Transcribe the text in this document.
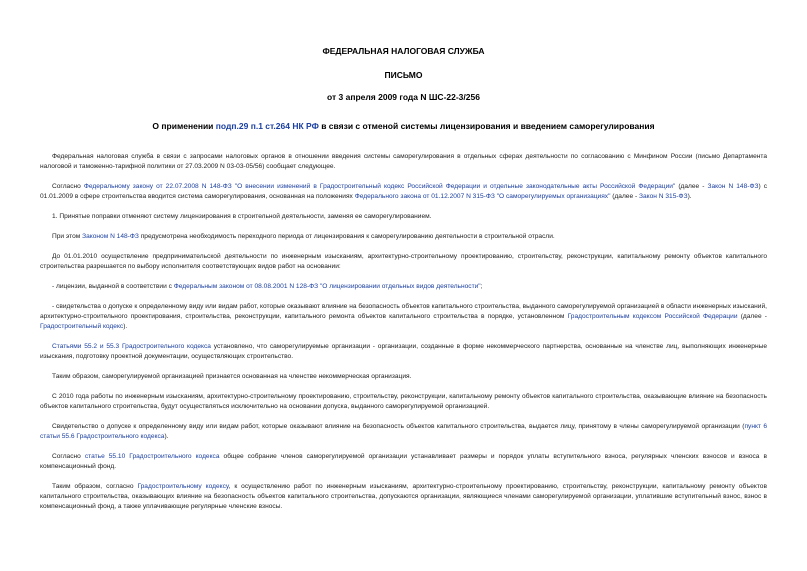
ФЕДЕРАЛЬНАЯ НАЛОГОВАЯ СЛУЖБА
ПИСЬМО
от 3 апреля 2009 года N ШС-22-3/256
О применении подп.29 п.1 ст.264 НК РФ в связи с отменой системы лицензирования и введением саморегулирования

Федеральная налоговая служба в связи с запросами налоговых органов в отношении введения системы саморегулирования в отдельных сферах деятельности по согласованию с Минфином России (письмо Департамента налоговой и таможенно-тарифной политики от 27.03.2009 N 03-03-05/56) сообщает следующее.

Согласно Федеральному закону от 22.07.2008 N 148-ФЗ "О внесении изменений в Градостроительный кодекс Российской Федерации и отдельные законодательные акты Российской Федерации" (далее - Закон N 148-ФЗ) с 01.01.2009 в сфере строительства вводится система саморегулирования, основанная на положениях Федерального закона от 01.12.2007 N 315-ФЗ "О саморегулируемых организациях" (далее - Закон N 315-ФЗ).

1. Принятые поправки отменяют систему лицензирования в строительной деятельности, заменяя ее саморегулированием.

При этом Законом N 148-ФЗ предусмотрена необходимость переходного периода от лицензирования к саморегулированию деятельности в строительной отрасли.

До 01.01.2010 осуществление предпринимательской деятельности по инженерным изысканиям, архитектурно-строительному проектированию, строительству, реконструкции, капитальному ремонту объектов капитального строительства разрешается по выбору исполнителя соответствующих видов работ на основании:

- лицензии, выданной в соответствии с Федеральным законом от 08.08.2001 N 128-ФЗ "О лицензировании отдельных видов деятельности";

- свидетельства о допуске к определенному виду или видам работ, которые оказывают влияние на безопасность объектов капитального строительства, выданного саморегулируемой организацией в области инженерных изысканий, архитектурно-строительного проектирования, строительства, реконструкции, капитального ремонта объектов капитального строительства в порядке, установленном Градостроительным кодексом Российской Федерации (далее - Градостроительный кодекс).

Статьями 55.2 и 55.3 Градостроительного кодекса установлено, что саморегулируемые организации - организации, созданные в форме некоммерческого партнерства, основанные на членстве лиц, выполняющих инженерные изыскания, подготовку проектной документации, осуществляющих строительство.

Таким образом, саморегулируемой организацией признается основанная на членстве некоммерческая организация.

С 2010 года работы по инженерным изысканиям, архитектурно-строительному проектированию, строительству, реконструкции, капитальному ремонту объектов капитального строительства, оказывающие влияние на безопасность объектов капитального строительства, будут осуществляться исключительно на основании допуска, выданного саморегулируемой организацией.

Свидетельство о допуске к определенному виду или видам работ, которые оказывают влияние на безопасность объектов капитального строительства, выдается лицу, принятому в члены саморегулируемой организации (пункт 6 статьи 55.6 Градостроительного кодекса).

Согласно статье 55.10 Градостроительного кодекса общее собрание членов саморегулируемой организации устанавливает размеры и порядок уплаты вступительного взноса, регулярных членских взносов и взноса в компенсационный фонд.

Таким образом, согласно Градостроительному кодексу, к осуществлению работ по инженерным изысканиям, архитектурно-строительному проектированию, строительству, реконструкции, капитальному ремонту объектов капитального строительства, оказывающих влияние на безопасность объектов капитального строительства, допускаются организации, являющиеся членами саморегулируемой организации, уплатившие вступительный взнос, взнос в компенсационный фонд, а также уплачивающие регулярные членские взносы.
